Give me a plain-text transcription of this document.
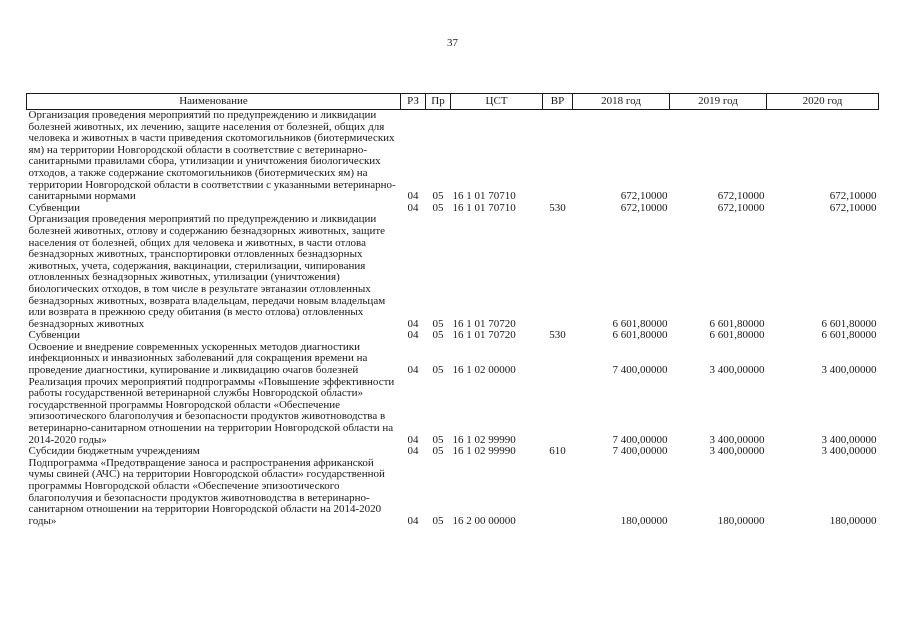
37
Наименование	РЗ	Пр	ЦСТ	ВР	2018 год	2019 год	2020 год
Организация проведения мероприятий по предупреждению и ликвидации болезней животных, их лечению, защите населения от болезней, общих для человека и животных в части приведения скотомогильников (биотермических ям) на территории Новгородской области в соответствие с ветеринарно-санитарными правилами сбора, утилизации и уничтожения биологических отходов, а также содержание скотомогильников (биотермических ям) на территории Новгородской области в соответствии с указанными ветеринарно-санитарными нормами	04	05	16 1 01 70710		672,10000	672,10000	672,10000
Субвенции	04	05	16 1 01 70710	530	672,10000	672,10000	672,10000
Организация проведения мероприятий по предупреждению и ликвидации болезней животных, отлову и содержанию безнадзорных животных, защите населения от болезней, общих для человека и животных, в части отлова безнадзорных животных, транспортировки отловленных безнадзорных животных, учета, содержания, вакцинации, стерилизации, чипирования отловленных безнадзорных животных, утилизации (уничтожения) биологических отходов, в том числе в результате эвтаназии отловленных безнадзорных животных, возврата владельцам, передачи новым владельцам или возврата в прежнюю среду обитания (в место отлова) отловленных безнадзорных животных	04	05	16 1 01 70720		6 601,80000	6 601,80000	6 601,80000
Субвенции	04	05	16 1 01 70720	530	6 601,80000	6 601,80000	6 601,80000
Освоение и внедрение современных ускоренных методов диагностики инфекционных и инвазионных заболеваний для сокращения времени на проведение диагностики, купирование и ликвидацию очагов болезней	04	05	16 1 02 00000		7 400,00000	3 400,00000	3 400,00000
Реализация прочих мероприятий подпрограммы «Повышение эффективности работы государственной ветеринарной службы Новгородской области» государственной программы Новгородской области «Обеспечение эпизоотического благополучия и безопасности продуктов животноводства в ветеринарно-санитарном отношении на территории Новгородской области на 2014-2020 годы»	04	05	16 1 02 99990		7 400,00000	3 400,00000	3 400,00000
Субсидии бюджетным учреждениям	04	05	16 1 02 99990	610	7 400,00000	3 400,00000	3 400,00000
Подпрограмма «Предотвращение заноса и распространения африканской чумы свиней (АЧС) на территории Новгородской области» государственной программы Новгородской области «Обеспечение эпизоотического благополучия и безопасности продуктов животноводства в ветеринарно-санитарном отношении на территории Новгородской области на 2014-2020 годы»	04	05	16 2 00 00000		180,00000	180,00000	180,00000
